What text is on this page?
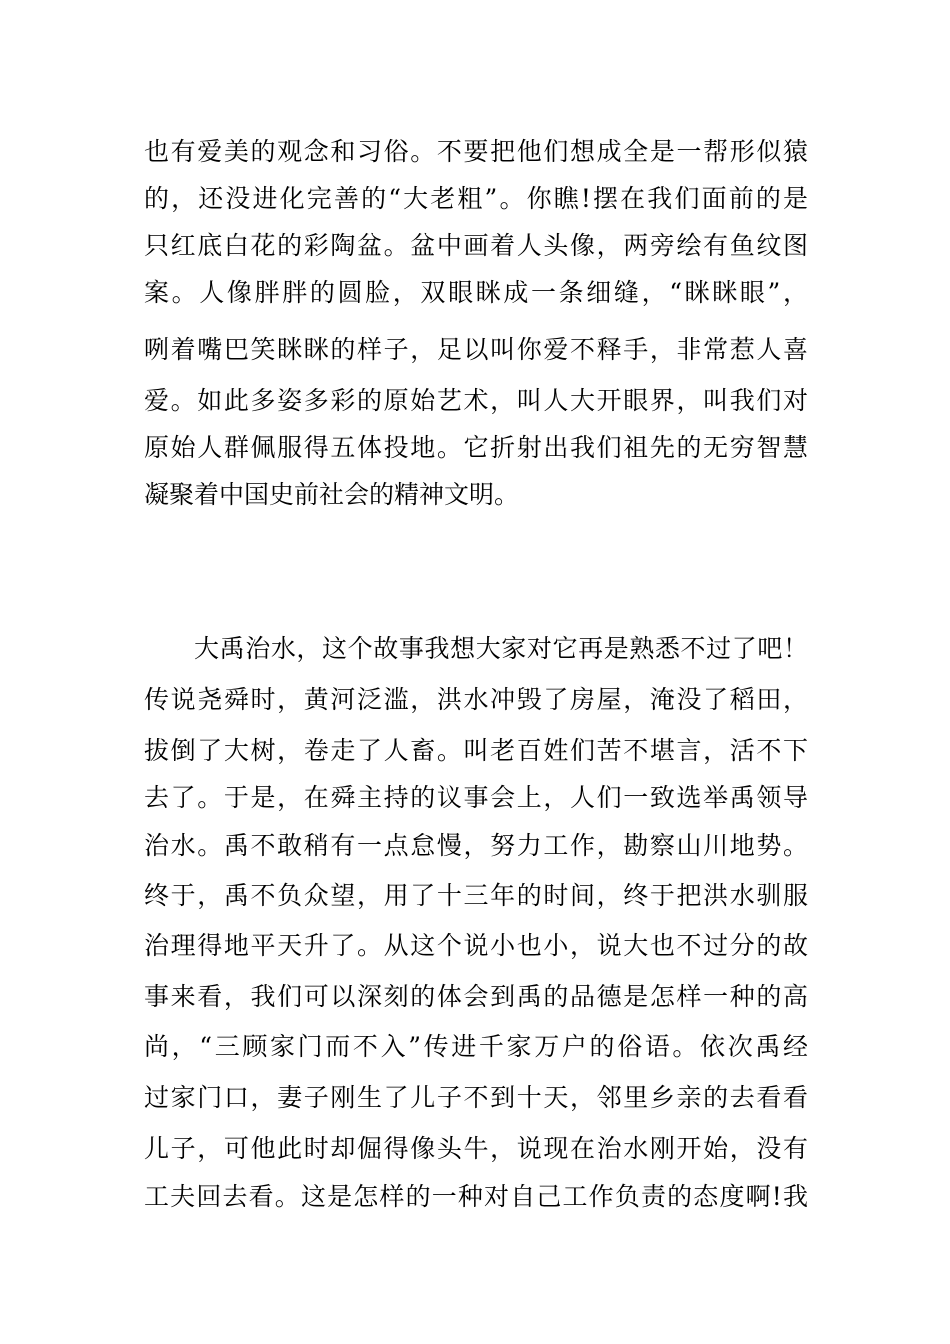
也有爱美的观念和习俗。不要把他们想成全是一帮形似猿
的，还没进化完善的“大老粗”。你瞧!摆在我们面前的是
只红底白花的彩陶盆。盆中画着人头像，两旁绘有鱼纹图
案。人像胖胖的圆脸，双眼眯成一条细缝，“眯眯眼”，
咧着嘴巴笑眯眯的样子，足以叫你爱不释手，非常惹人喜
爱。如此多姿多彩的原始艺术，叫人大开眼界，叫我们对
原始人群佩服得五体投地。它折射出我们祖先的无穷智慧
凝聚着中国史前社会的精神文明。
大禹治水，这个故事我想大家对它再是熟悉不过了吧！
传说尧舜时，黄河泛滥，洪水冲毁了房屋，淹没了稻田，
拔倒了大树，卷走了人畜。叫老百姓们苦不堪言，活不下
去了。于是，在舜主持的议事会上，人们一致选举禹领导
治水。禹不敢稍有一点怠慢，努力工作，勘察山川地势。
终于，禹不负众望，用了十三年的时间，终于把洪水驯服
治理得地平天升了。从这个说小也小，说大也不过分的故
事来看，我们可以深刻的体会到禹的品德是怎样一种的高
尚，“三顾家门而不入”传进千家万户的俗语。依次禹经
过家门口，妻子刚生了儿子不到十天，邻里乡亲的去看看
儿子，可他此时却倔得像头牛，说现在治水刚开始，没有
工夫回去看。这是怎样的一种对自己工作负责的态度啊!我
